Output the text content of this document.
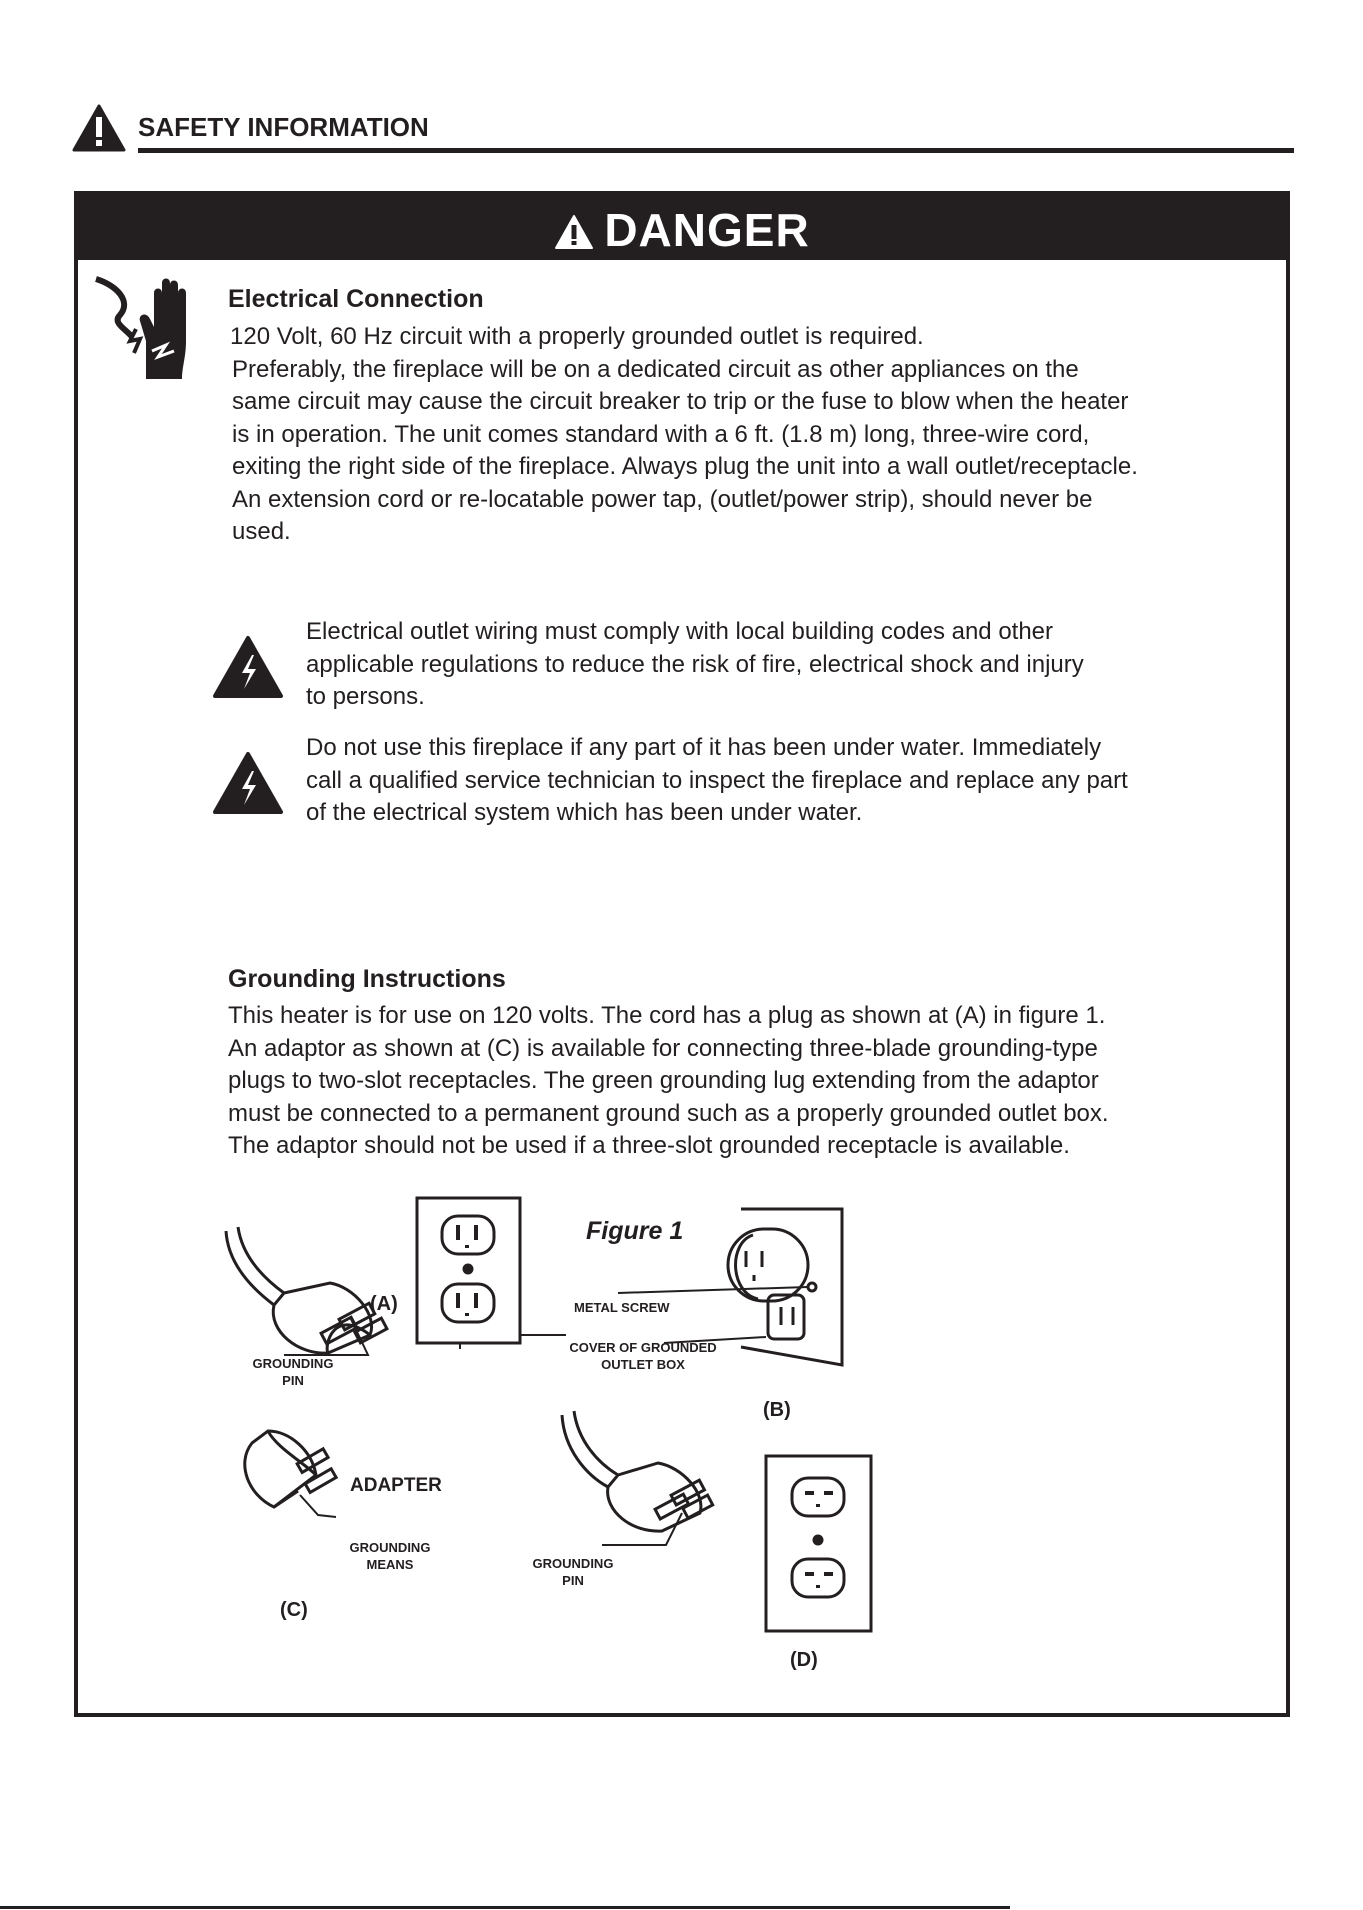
SAFETY INFORMATION
DANGER
Electrical Connection
120 Volt, 60 Hz circuit with a properly grounded outlet is required.
Preferably, the fireplace will be on a dedicated circuit as other appliances on the
same circuit may cause the circuit breaker to trip or the fuse to blow when the heater
is in operation. The unit comes standard with a 6 ft. (1.8 m) long, three-wire cord,
exiting the right side of the fireplace. Always plug the unit into a wall outlet/receptacle.
An extension cord or re-locatable power tap, (outlet/power strip), should never be
used.
Electrical outlet wiring must comply with local building codes and other
applicable regulations to reduce the risk of fire, electrical shock and injury
to persons.
Do not use this fireplace if any part of it has been under water. Immediately
call a qualified service technician to inspect the fireplace and replace any part
of the electrical system which has been under water.
Grounding Instructions
This heater is for use on 120 volts. The cord has a plug as shown at (A) in figure 1.
An adaptor as shown at (C) is available for connecting three-blade grounding-type
plugs to two-slot receptacles. The green grounding lug extending from the adaptor
must be connected to a permanent ground such as a properly grounded outlet box.
The adaptor should not be used if a three-slot grounded receptacle is available.
Figure 1
(A)
(B)
(C)
(D)
ADAPTER
METAL SCREW
COVER OF GROUNDED
OUTLET BOX
GROUNDING
PIN
GROUNDING
MEANS	GROUNDING
PIN
